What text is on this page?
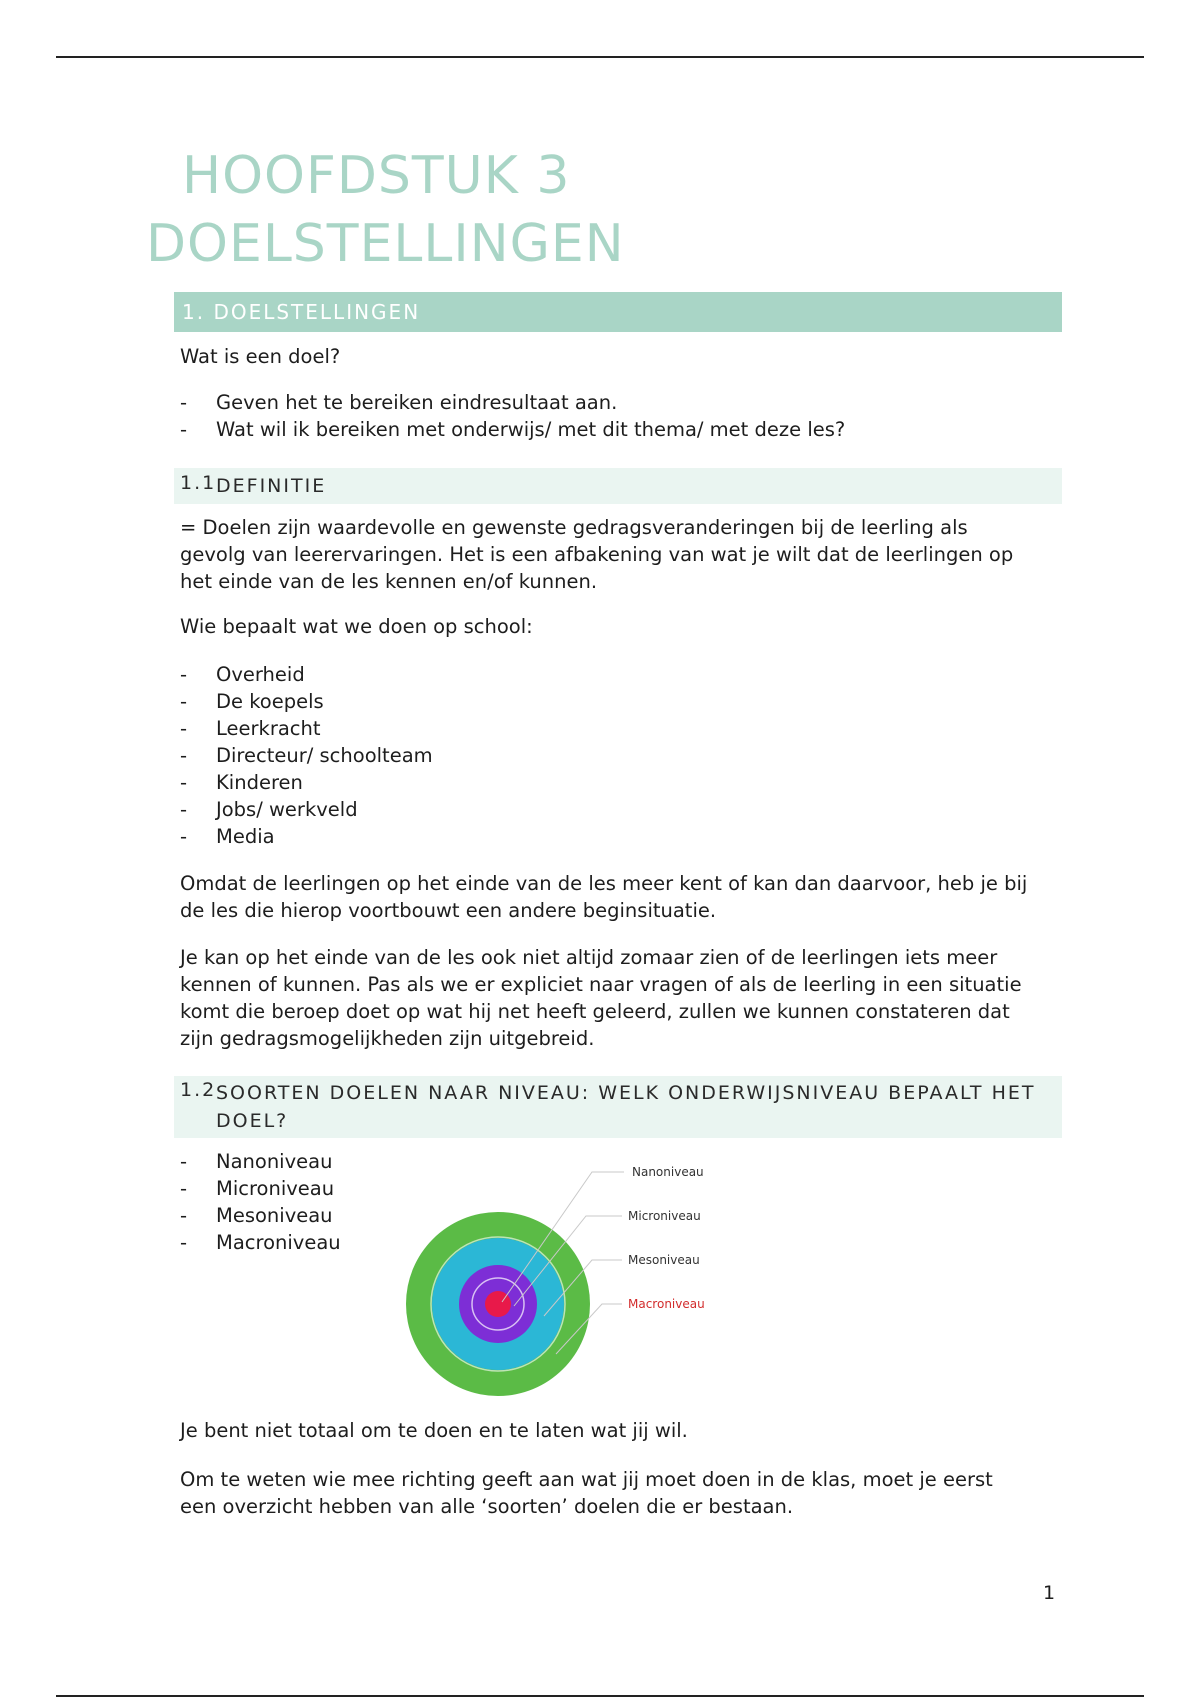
HOOFDSTUK 3
DOELSTELLINGEN
1. DOELSTELLINGEN

Wat is een doel?

- Geven het te bereiken eindresultaat aan.
- Wat wil ik bereiken met onderwijs/ met dit thema/ met deze les?
1.1 DEFINITIE
= Doelen zijn waardevolle en gewenste gedragsveranderingen bij de leerling als
gevolg van leerervaringen. Het is een afbakening van wat je wilt dat de leerlingen op
het einde van de les kennen en/of kunnen.

Wie bepaalt wat we doen op school:

- Overheid
- De koepels
- Leerkracht
- Directeur/ schoolteam
- Kinderen
- Jobs/ werkveld
- Media
Omdat de leerlingen op het einde van de les meer kent of kan dan daarvoor, heb je bij
de les die hierop voortbouwt een andere beginsituatie.
Je kan op het einde van de les ook niet altijd zomaar zien of de leerlingen iets meer
kennen of kunnen. Pas als we er expliciet naar vragen of als de leerling in een situatie
komt die beroep doet op wat hij net heeft geleerd, zullen we kunnen constateren dat
zijn gedragsmogelijkheden zijn uitgebreid.
1.2 SOORTEN DOELEN NAAR NIVEAU: WELK ONDERWIJSNIVEAU BEPAALT HET
DOEL?
- Nanoniveau
- Microniveau
- Mesoniveau
- Macroniveau
Nanoniveau
Microniveau
Mesoniveau
Macroniveau

Je bent niet totaal om te doen en te laten wat jij wil.

Om te weten wie mee richting geeft aan wat jij moet doen in de klas, moet je eerst
een overzicht hebben van alle ‘soorten’ doelen die er bestaan.
1
